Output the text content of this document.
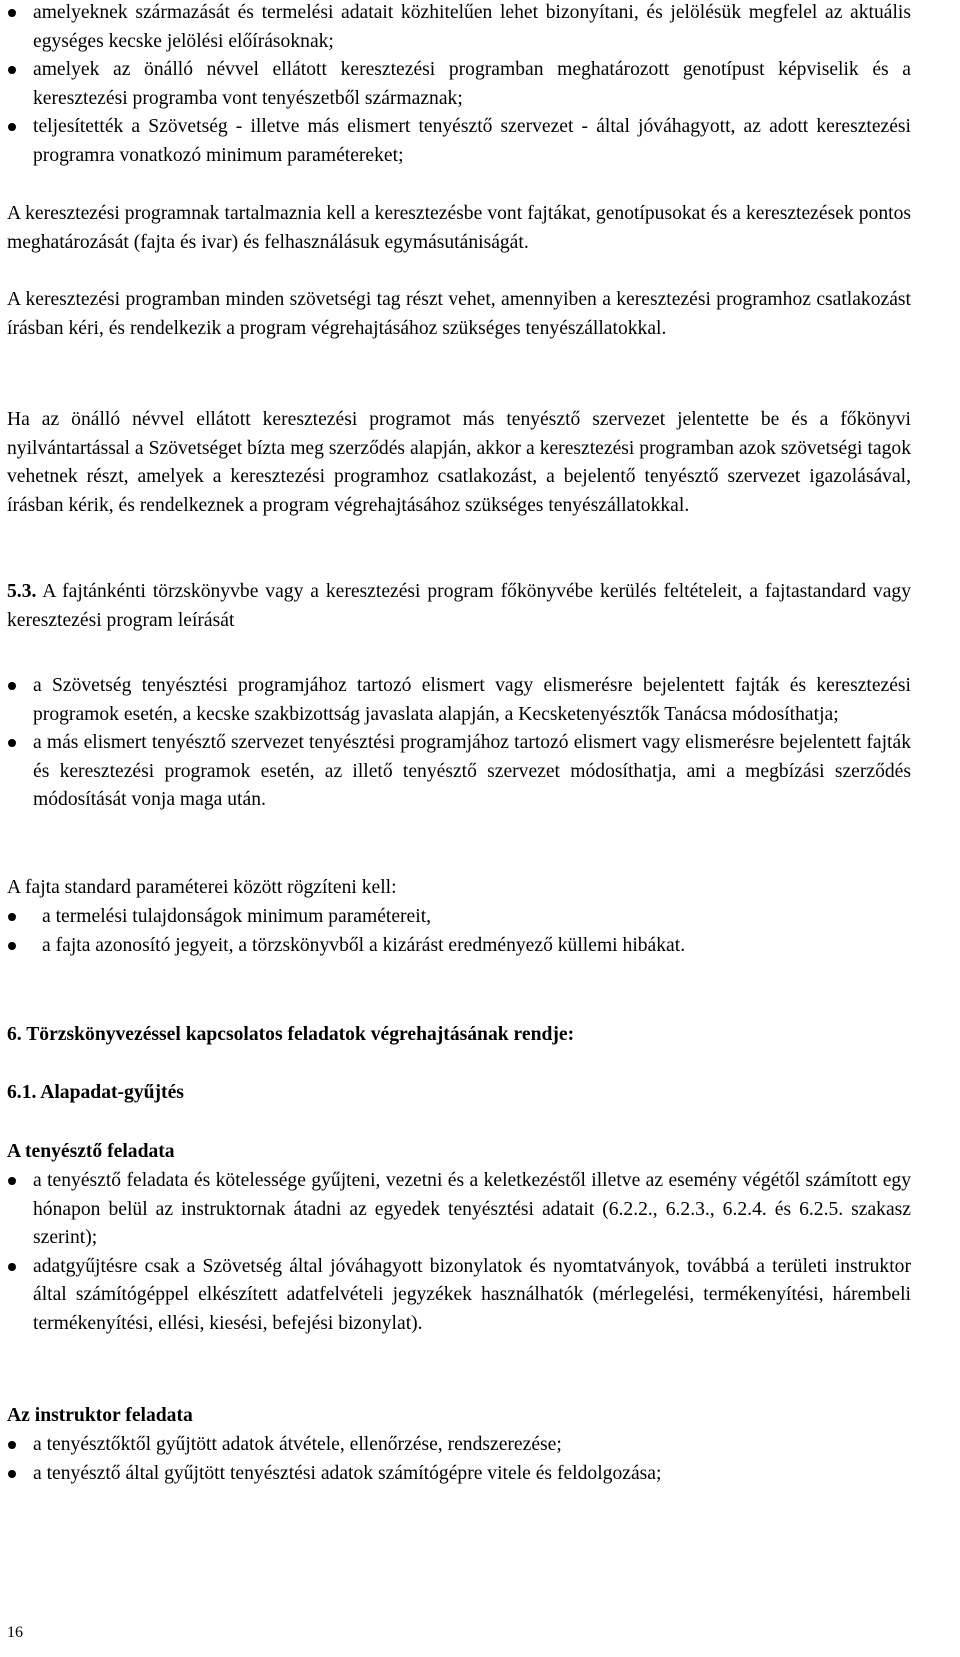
amelyeknek származását és termelési adatait közhitelűen lehet bizonyítani, és jelölésük megfelel az aktuális egységes kecske jelölési előírásoknak;
amelyek az önálló névvel ellátott keresztezési programban meghatározott genotípust képviselik és a keresztezési programba vont tenyészetből származnak;
teljesítették a Szövetség - illetve más elismert tenyésztő szervezet - által jóváhagyott, az adott keresztezési programra vonatkozó minimum paramétereket;

A keresztezési programnak tartalmaznia kell a keresztezésbe vont fajtákat, genotípusokat és a keresztezések pontos meghatározását (fajta és ivar) és felhasználásuk egymásutániságát.

A keresztezési programban minden szövetségi tag részt vehet, amennyiben a keresztezési programhoz csatlakozást írásban kéri, és rendelkezik a program végrehajtásához szükséges tenyészállatokkal.

Ha az önálló névvel ellátott keresztezési programot más tenyésztő szervezet jelentette be és a főkönyvi nyilvántartással a Szövetséget bízta meg szerződés alapján, akkor a keresztezési programban azok szövetségi tagok vehetnek részt, amelyek a keresztezési programhoz csatlakozást, a bejelentő tenyésztő szervezet igazolásával, írásban kérik, és rendelkeznek a program végrehajtásához szükséges tenyészállatokkal.

5.3. A fajtánkénti törzskönyvbe vagy a keresztezési program főkönyvébe kerülés feltételeit, a fajtastandard vagy keresztezési program leírását

a Szövetség tenyésztési programjához tartozó elismert vagy elismerésre bejelentett fajták és keresztezési programok esetén, a kecske szakbizottság javaslata alapján, a Kecsketenyésztők Tanácsa módosíthatja;
a más elismert tenyésztő szervezet tenyésztési programjához tartozó elismert vagy elismerésre bejelentett fajták és keresztezési programok esetén, az illető tenyésztő szervezet módosíthatja, ami a megbízási szerződés módosítását vonja maga után.

A fajta standard paraméterei között rögzíteni kell:

a termelési tulajdonságok minimum paramétereit,
a fajta azonosító jegyeit, a törzskönyvből a kizárást eredményező küllemi hibákat.

6. Törzskönyvezéssel kapcsolatos feladatok végrehajtásának rendje:

6.1. Alapadat-gyűjtés

A tenyésztő feladata

a tenyésztő feladata és kötelessége gyűjteni, vezetni és a keletkezéstől illetve az esemény végétől számított egy hónapon belül az instruktornak átadni az egyedek tenyésztési adatait (6.2.2., 6.2.3., 6.2.4. és 6.2.5. szakasz szerint);
adatgyűjtésre csak a Szövetség által jóváhagyott bizonylatok és nyomtatványok, továbbá a területi instruktor által számítógéppel elkészített adatfelvételi jegyzékek használhatók (mérlegelési, termékenyítési, hárembeli termékenyítési, ellési, kiesési, befejési bizonylat).

Az instruktor feladata

a tenyésztőktől gyűjtött adatok átvétele, ellenőrzése, rendszerezése;
a tenyésztő által gyűjtött tenyésztési adatok számítógépre vitele és feldolgozása;
16
